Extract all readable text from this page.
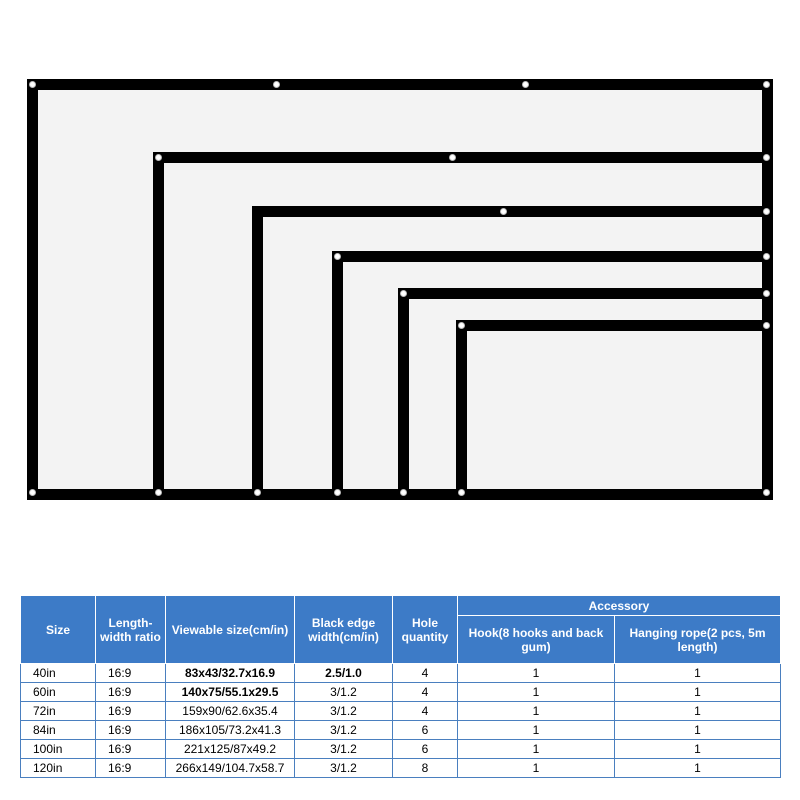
Size	Length-width ratio	Viewable size(cm/in)	Black edge width(cm/in)	Hole quantity	Accessory	
					Hook(8 hooks and back gum)	Hanging rope(2 pcs, 5m length)
40in	16:9	83x43/32.7x16.9	2.5/1.0	4	1	1
60in	16:9	140x75/55.1x29.5	3/1.2	4	1	1
72in	16:9	159x90/62.6x35.4	3/1.2	4	1	1
84in	16:9	186x105/73.2x41.3	3/1.2	6	1	1
100in	16:9	221x125/87x49.2	3/1.2	6	1	1
120in	16:9	266x149/104.7x58.7	3/1.2	8	1	1
